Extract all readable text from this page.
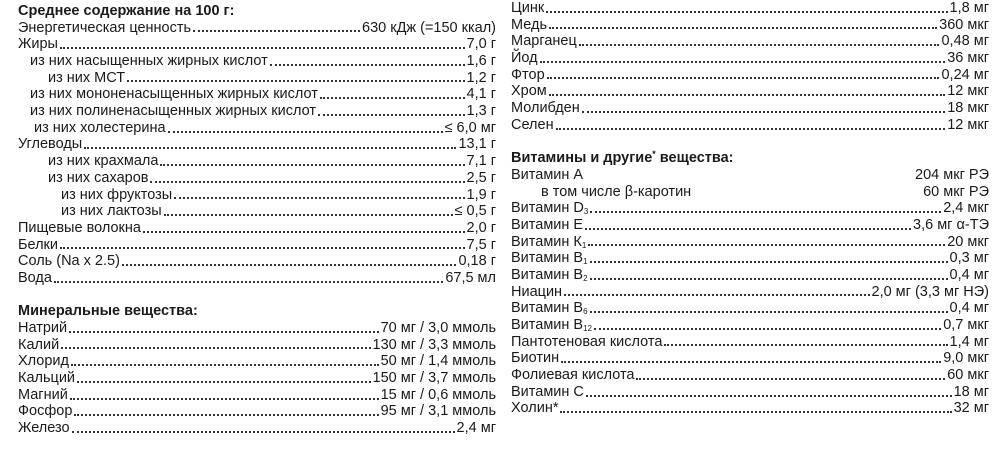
Среднее содержание на 100 г:
Энергетическая ценность	630 кДж (=150 ккал)
Жиры	7,0 г
из них насыщенных жирных кислот	1,6 г
из них МСТ	1,2 г
из них мононенасыщенных жирных кислот	4,1 г
из них полиненасыщенных жирных кислот	1,3 г
из них холестерина	≤ 6,0 мг
Углеводы	13,1 г
из них крахмала	7,1 г
из них сахаров	2,5 г
из них фруктозы	1,9 г
из них лактозы	≤ 0,5 г
Пищевые волокна	2,0 г
Белки	7,5 г
Соль (Na x 2.5)	0,18 г
Вода	67,5 мл
Минеральные вещества:
Натрий	70 мг / 3,0 ммоль
Калий	130 мг / 3,3 ммоль
Хлорид	50 мг / 1,4 ммоль
Кальций	150 мг / 3,7 ммоль
Магний	15 мг / 0,6 ммоль
Фосфор	95 мг / 3,1 ммоль
Железо	2,4 мг
Цинк	1,8 мг
Медь	360 мкг
Марганец	0,48 мг
Йод	36 мкг
Фтор	0,24 мг
Хром	12 мкг
Молибден	18 мкг
Селен	12 мкг
Витамины и другие* вещества:
Витамин А	204 мкг РЭ
в том числе β-каротин	60 мкг РЭ
Витамин $D_3$	2,4 мкг
Витамин Е	3,6 мг α-ТЭ
Витамин $К_1$	20 мкг
Витамин $В_1$	0,3 мг
Витамин $В_2$	0,4 мг
Ниацин	2,0 мг (3,3 мг НЭ)
Витамин $В_6$	0,4 мг
Витамин $В_{12}$	0,7 мкг
Пантотеновая кислота	1,4 мг
Биотин	9,0 мкг
Фолиевая кислота	60 мкг
Витамин С	18 мг
Холин*	32 мг
